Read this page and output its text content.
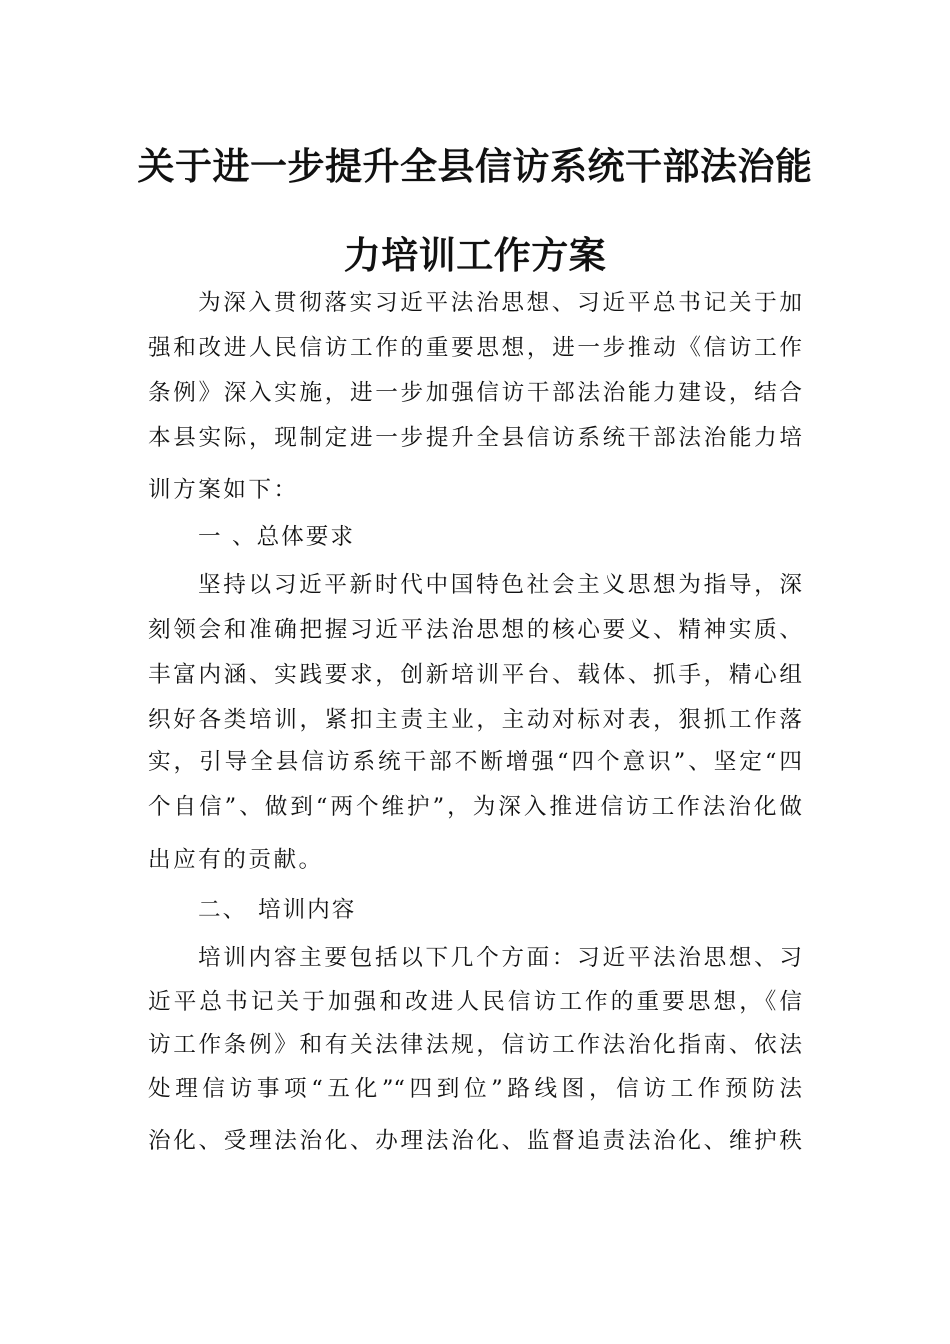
关于进一步提升全县信访系统干部法治能
力培训工作方案
为深入贯彻落实习近平法治思想、习近平总书记关于加
强和改进人民信访工作的重要思想，进一步推动《信访工作
条例》深入实施，进一步加强信访干部法治能力建设，结合
本县实际，现制定进一步提升全县信访系统干部法治能力培
训方案如下：
一 、总体要求
坚持以习近平新时代中国特色社会主义思想为指导，深
刻领会和准确把握习近平法治思想的核心要义、精神实质、
丰富内涵、实践要求，创新培训平台、载体、抓手，精心组
织好各类培训，紧扣主责主业，主动对标对表，狠抓工作落
实，引导全县信访系统干部不断增强“四个意识”、坚定“四
个自信”、做到“两个维护”，为深入推进信访工作法治化做
出应有的贡献。
二、 培训内容
培训内容主要包括以下几个方面：习近平法治思想、习
近平总书记关于加强和改进人民信访工作的重要思想，《信
访工作条例》和有关法律法规，信访工作法治化指南、依法
处理信访事项“五化”“四到位”路线图，信访工作预防法
治化、受理法治化、办理法治化、监督追责法治化、维护秩
